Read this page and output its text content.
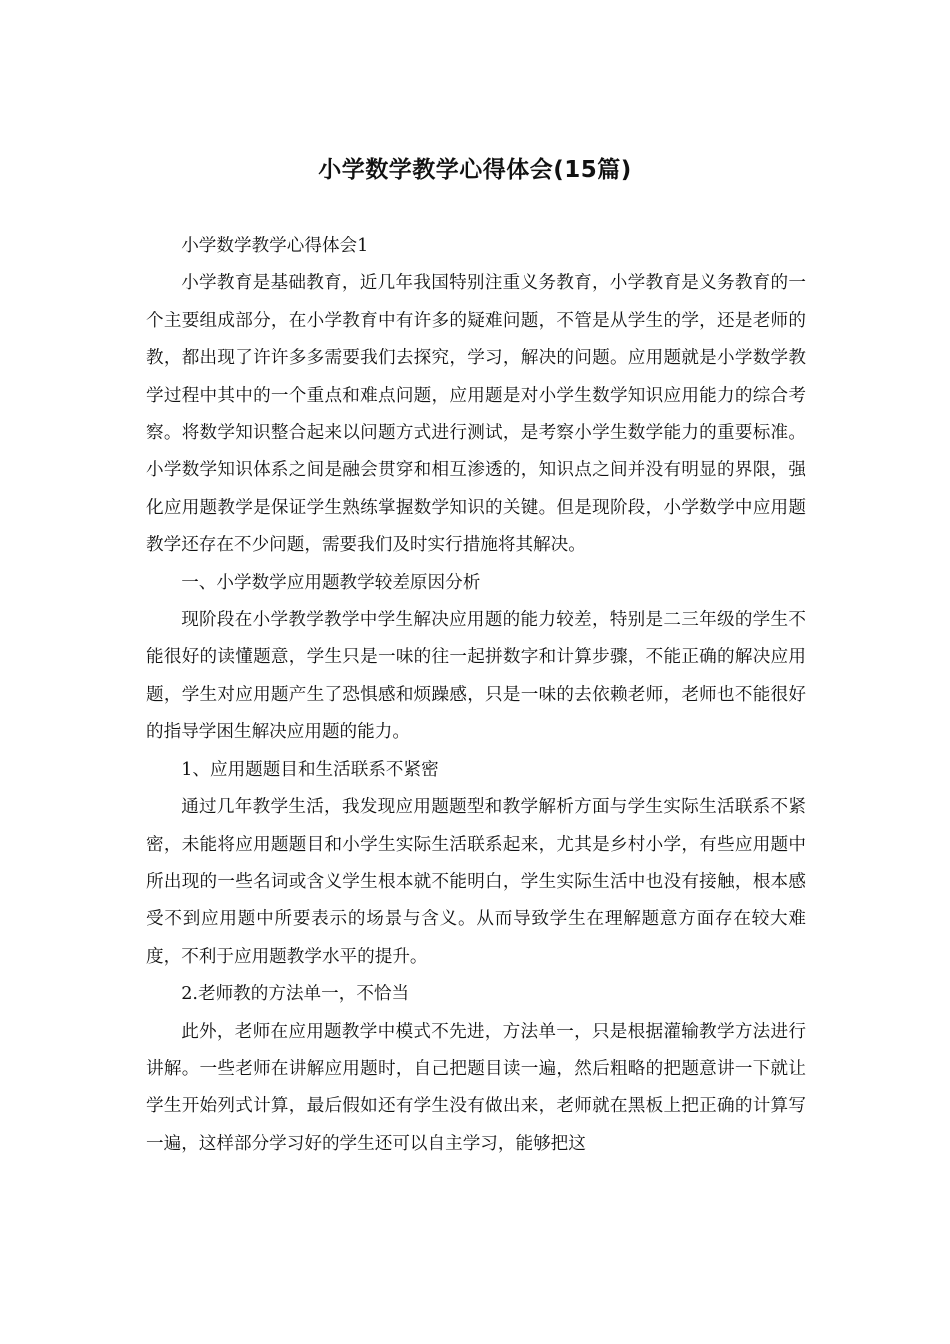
小学数学教学心得体会(15篇)

小学数学教学心得体会1

小学教育是基础教育，近几年我国特别注重义务教育，小学教育是义务教育的一个主要组成部分，在小学教育中有许多的疑难问题，不管是从学生的学，还是老师的教，都出现了许许多多需要我们去探究，学习，解决的问题。应用题就是小学数学教学过程中其中的一个重点和难点问题，应用题是对小学生数学知识应用能力的综合考察。将数学知识整合起来以问题方式进行测试，是考察小学生数学能力的重要标准。小学数学知识体系之间是融会贯穿和相互渗透的，知识点之间并没有明显的界限，强化应用题教学是保证学生熟练掌握数学知识的关键。但是现阶段，小学数学中应用题教学还存在不少问题，需要我们及时实行措施将其解决。

一、小学数学应用题教学较差原因分析

现阶段在小学教学教学中学生解决应用题的能力较差，特别是二三年级的学生不能很好的读懂题意，学生只是一味的往一起拼数字和计算步骤，不能正确的解决应用题，学生对应用题产生了恐惧感和烦躁感，只是一味的去依赖老师，老师也不能很好的指导学困生解决应用题的能力。

1、应用题题目和生活联系不紧密

通过几年教学生活，我发现应用题题型和教学解析方面与学生实际生活联系不紧密，未能将应用题题目和小学生实际生活联系起来，尤其是乡村小学，有些应用题中所出现的一些名词或含义学生根本就不能明白，学生实际生活中也没有接触，根本感受不到应用题中所要表示的场景与含义。从而导致学生在理解题意方面存在较大难度，不利于应用题教学水平的提升。

2.老师教的方法单一，不恰当

此外，老师在应用题教学中模式不先进，方法单一，只是根据灌输教学方法进行讲解。一些老师在讲解应用题时，自己把题目读一遍，然后粗略的把题意讲一下就让学生开始列式计算，最后假如还有学生没有做出来，老师就在黑板上把正确的计算写一遍，这样部分学习好的学生还可以自主学习，能够把这
